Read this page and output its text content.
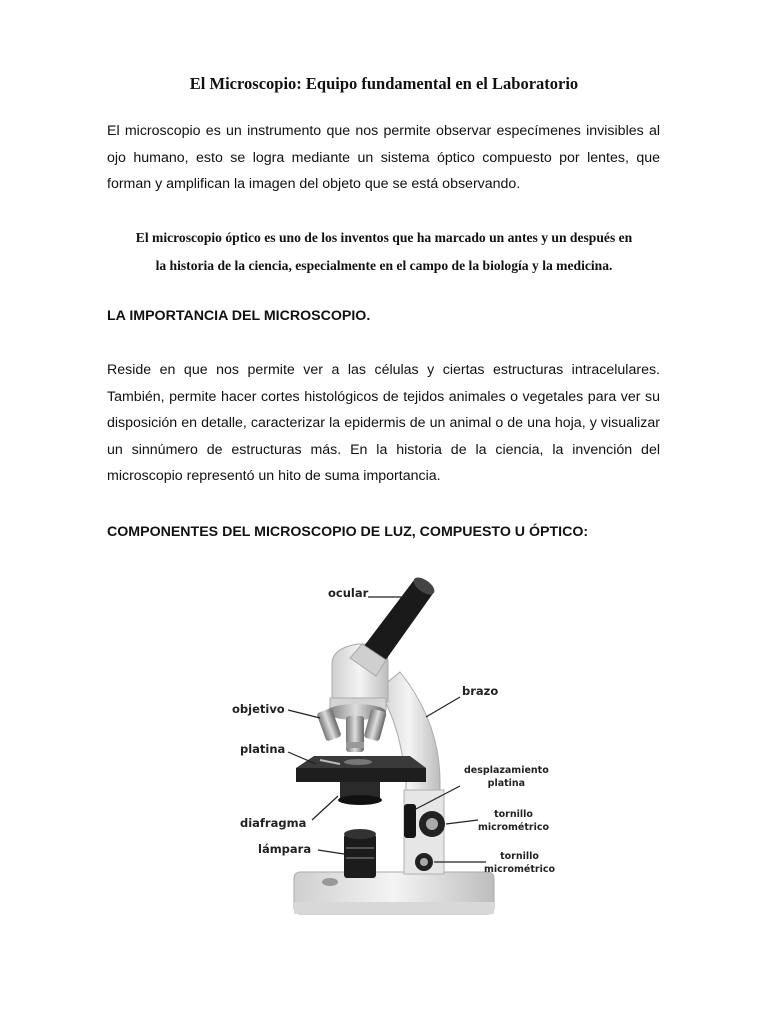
El Microscopio: Equipo fundamental en el Laboratorio

El microscopio es un instrumento que nos permite observar especímenes invisibles al ojo humano, esto se logra mediante un sistema óptico compuesto por lentes, que forman y amplifican la imagen del objeto que se está observando.

El microscopio óptico es uno de los inventos que ha marcado un antes y un después en
la historia de la ciencia, especialmente en el campo de la biología y la medicina.
LA IMPORTANCIA DEL MICROSCOPIO.

Reside en que nos permite ver a las células y ciertas estructuras intracelulares. También, permite hacer cortes histológicos de tejidos animales o vegetales para ver su disposición en detalle, caracterizar la epidermis de un animal o de una hoja, y visualizar un sinnúmero de estructuras más. En la historia de la ciencia, la invención del microscopio representó un hito de suma importancia.

COMPONENTES DEL MICROSCOPIO DE LUZ, COMPUESTO U ÓPTICO:
ocular
brazo
objetivo
platina
desplazamiento
platina
tornillo
micrométrico
diafragma
lámpara
tornillo
micrométrico
